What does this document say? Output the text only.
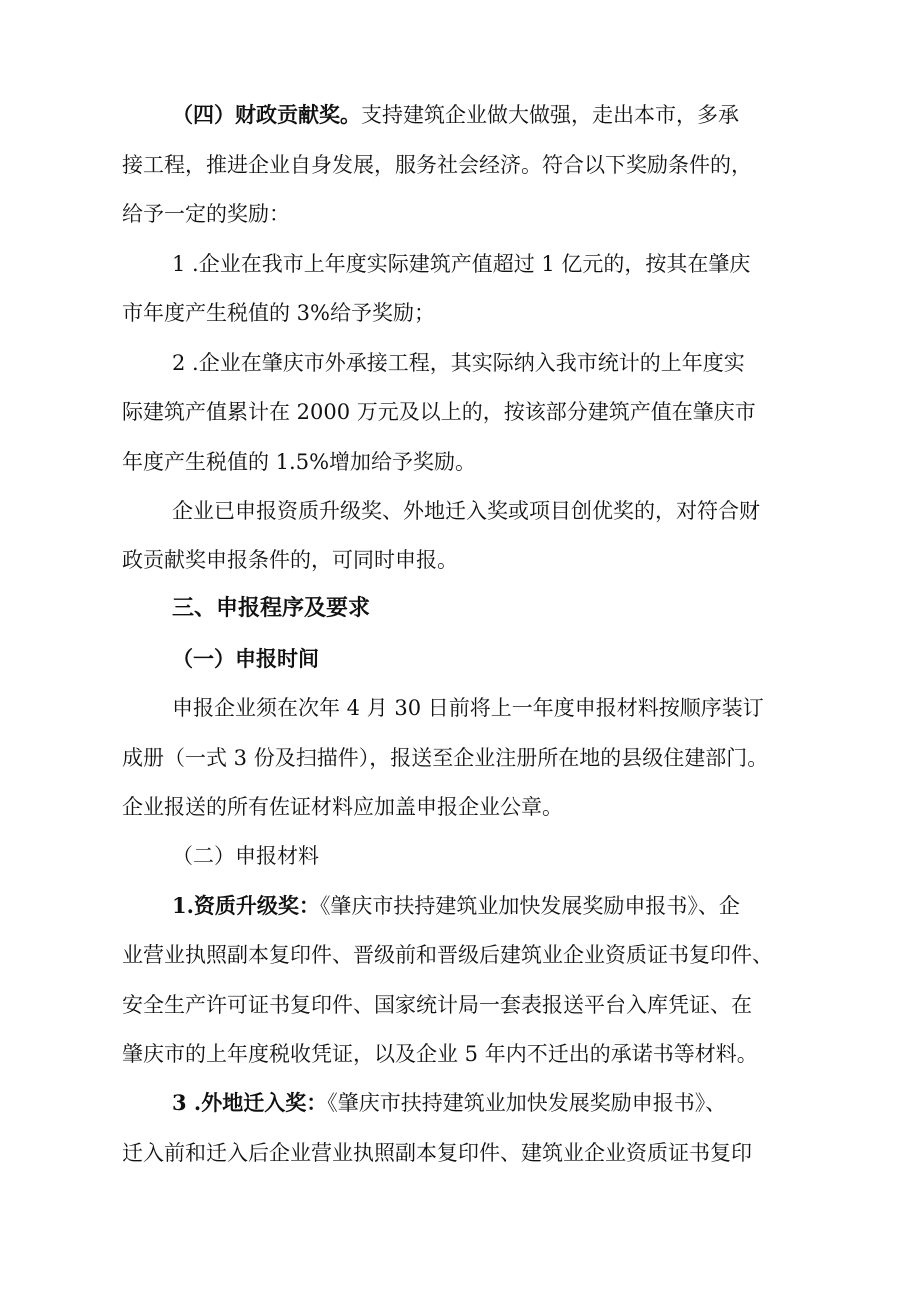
（四）财政贡献奖。支持建筑企业做大做强，走出本市，多承

接工程，推进企业自身发展，服务社会经济。符合以下奖励条件的，

给予一定的奖励：

1 .企业在我市上年度实际建筑产值超过 1 亿元的，按其在肇庆

市年度产生税值的 3%给予奖励；

2 .企业在肇庆市外承接工程，其实际纳入我市统计的上年度实

际建筑产值累计在 2000 万元及以上的，按该部分建筑产值在肇庆市

年度产生税值的 1.5%增加给予奖励。

企业已申报资质升级奖、外地迁入奖或项目创优奖的，对符合财

政贡献奖申报条件的，可同时申报。

三、申报程序及要求

（一）申报时间

申报企业须在次年 4 月 30 日前将上一年度申报材料按顺序装订

成册（一式 3 份及扫描件），报送至企业注册所在地的县级住建部门。

企业报送的所有佐证材料应加盖申报企业公章。

（二）申报材料

1.资质升级奖：《肇庆市扶持建筑业加快发展奖励申报书》、企

业营业执照副本复印件、晋级前和晋级后建筑业企业资质证书复印件、

安全生产许可证书复印件、国家统计局一套表报送平台入库凭证、在

肇庆市的上年度税收凭证，以及企业 5 年内不迁出的承诺书等材料。

3 .外地迁入奖：《肇庆市扶持建筑业加快发展奖励申报书》、

迁入前和迁入后企业营业执照副本复印件、建筑业企业资质证书复印
